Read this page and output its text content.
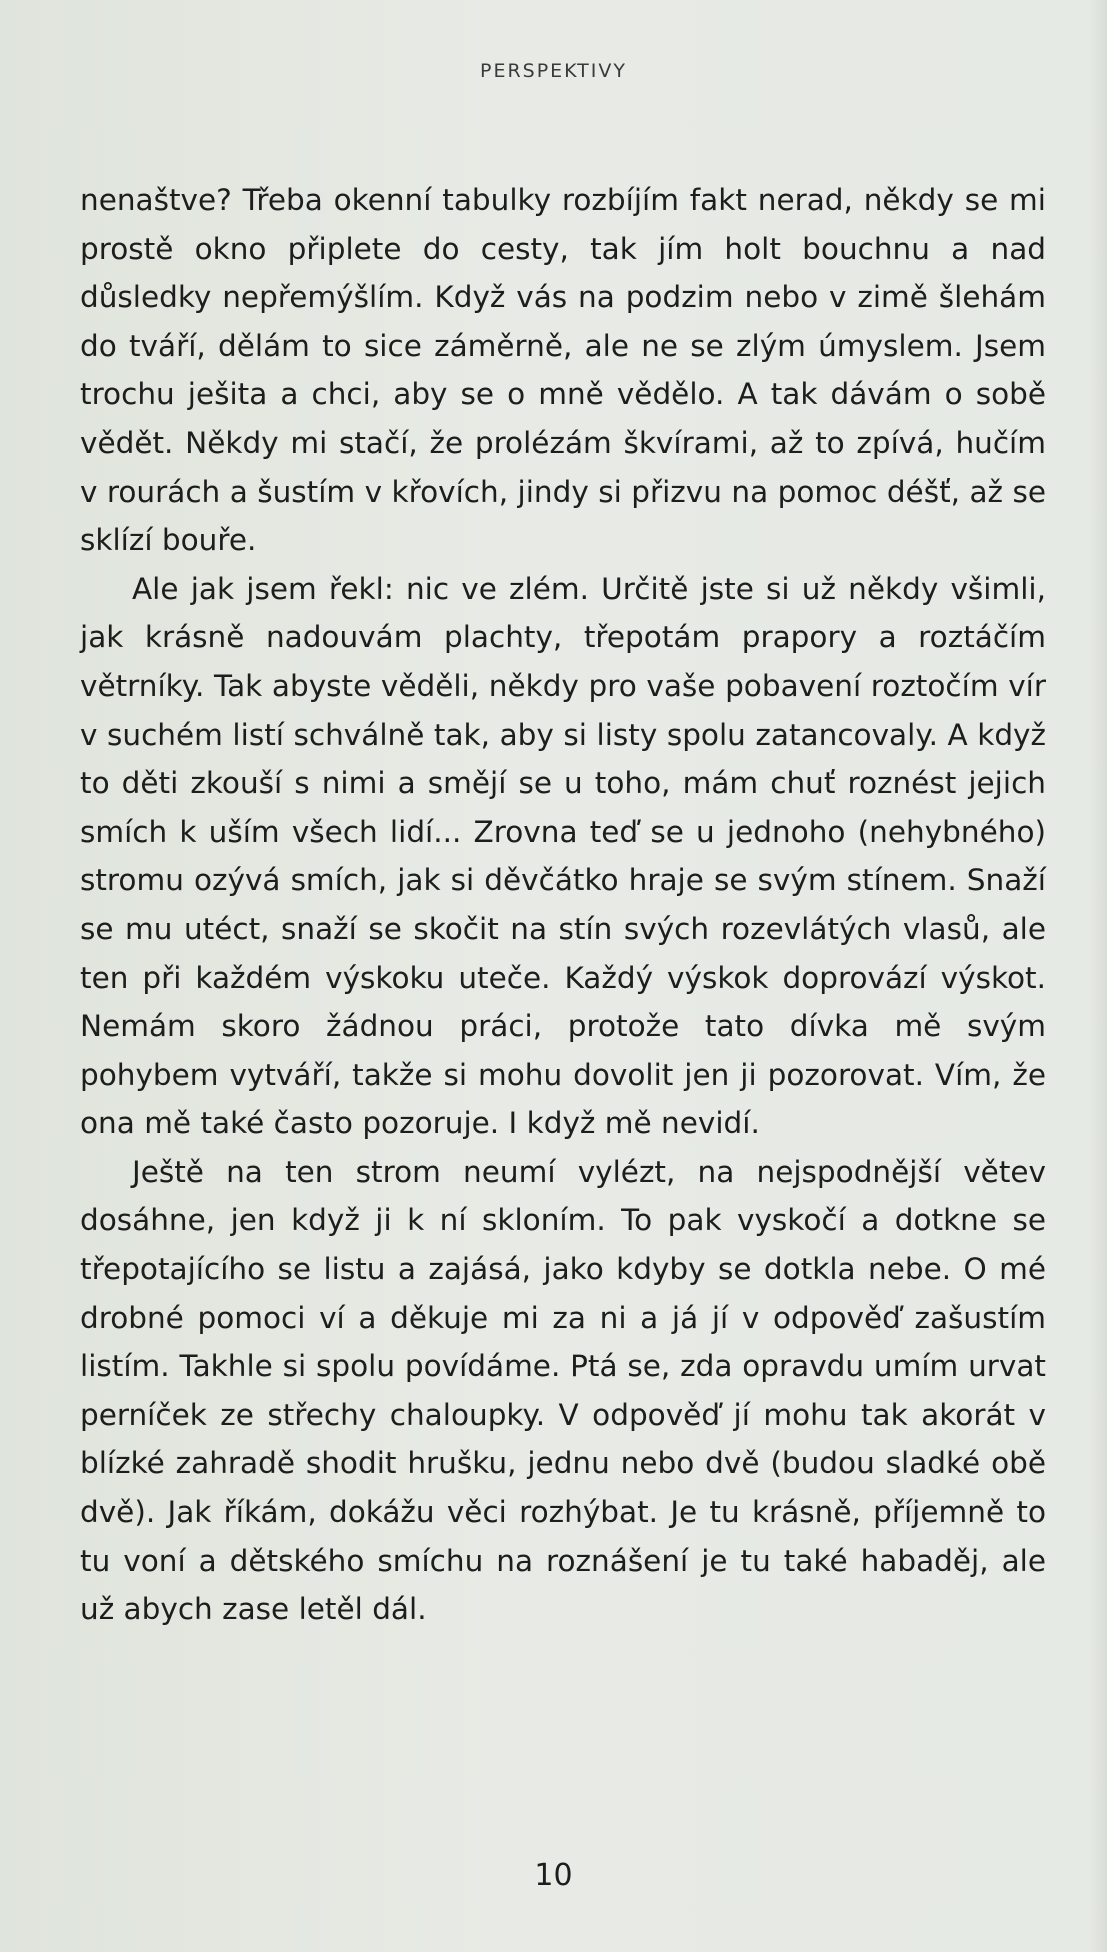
PERSPEKTIVY

nenaštve? Třeba okenní tabulky rozbíjím fakt nerad, někdy se mi prostě okno připlete do cesty, tak jím holt bouchnu a nad důsledky nepřemýšlím. Když vás na podzim nebo v zimě šlehám do tváří, dělám to sice záměrně, ale ne se zlým úmyslem. Jsem trochu ješita a chci, aby se o mně vědělo. A tak dávám o sobě vědět. Někdy mi stačí, že prolézám škvírami, až to zpívá, hučím v rourách a šustím v křovích, jindy si přizvu na pomoc déšť, až se sklízí bouře.

Ale jak jsem řekl: nic ve zlém. Určitě jste si už někdy všimli, jak krásně nadouvám plachty, třepotám prapory a roztáčím větrníky. Tak abyste věděli, někdy pro vaše pobavení roztočím vír v suchém listí schválně tak, aby si listy spolu zatancovaly. A když to děti zkouší s nimi a smějí se u toho, mám chuť roznést jejich smích k uším všech lidí... Zrovna teď se u jednoho (nehybného) stromu ozývá smích, jak si děvčátko hraje se svým stínem. Snaží se mu utéct, snaží se skočit na stín svých rozevlátých vlasů, ale ten při každém výskoku uteče. Každý výskok doprovází výskot. Nemám skoro žádnou práci, protože tato dívka mě svým pohybem vytváří, takže si mohu dovolit jen ji pozorovat. Vím, že ona mě také často pozoruje. I když mě nevidí.

Ještě na ten strom neumí vylézt, na nejspodnější větev dosáhne, jen když ji k ní skloním. To pak vyskočí a dotkne se třepotajícího se listu a zajásá, jako kdyby se dotkla nebe. O mé drobné pomoci ví a děkuje mi za ni a já jí v odpověď zašustím listím. Takhle si spolu povídáme. Ptá se, zda opravdu umím urvat perníček ze střechy chaloupky. V odpověď jí mohu tak akorát v blízké zahradě shodit hrušku, jednu nebo dvě (budou sladké obě dvě). Jak říkám, dokážu věci rozhýbat. Je tu krásně, příjemně to tu voní a dětského smíchu na roznášení je tu také habaděj, ale už abych zase letěl dál.

10
